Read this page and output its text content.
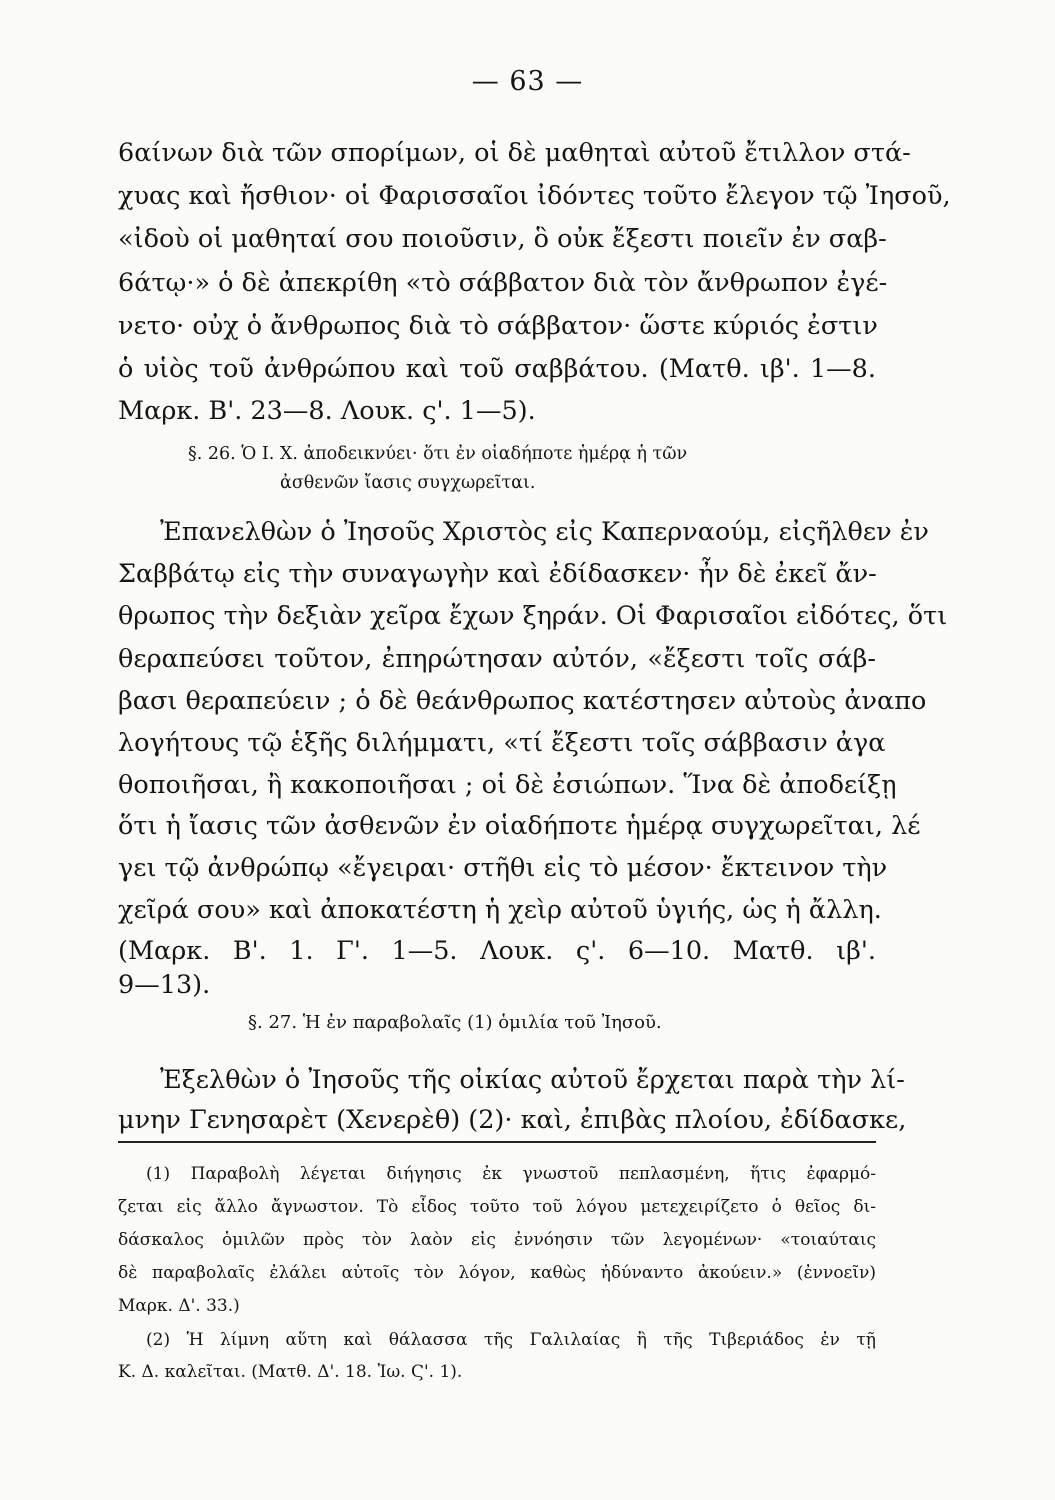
— 63 —
6αίνων διὰ τῶν σπορίμων, οἱ δὲ μαθηταὶ αὐτοῦ ἔτιλλον στά-
χυας καὶ ἤσθιον· οἱ Φαρισσαῖοι ἰδόντες τοῦτο ἔλεγον τῷ Ἰησοῦ,
«ἰδοὺ οἱ μαθηταί σου ποιοῦσιν, ὃ οὐκ ἔξεστι ποιεῖν ἐν σαβ-
6άτῳ·» ὁ δὲ ἀπεκρίθη «τὸ σάββατον διὰ τὸν ἄνθρωπον ἐγέ-
νετο· οὐχ ὁ ἄνθρωπος διὰ τὸ σάββατον· ὥστε κύριός ἐστιν
ὁ υἱὸς τοῦ ἀνθρώπου καὶ τοῦ σαββάτου. (Ματθ. ιβ'. 1—8.
Μαρκ. Β'. 23—8. Λουκ. ς'. 1—5).
§. 26. Ὁ Ι. Χ. ἀποδεικνύει· ὅτι ἐν οἱαδήποτε ἡμέρᾳ ἡ τῶν
ἀσθενῶν ἴασις συγχωρεῖται.
Ἐπανελθὼν ὁ Ἰησοῦς Χριστὸς εἰς Καπερναούμ, εἰςῆλθεν ἐν
Σαββάτῳ εἰς τὴν συναγωγὴν καὶ ἐδίδασκεν· ἦν δὲ ἐκεῖ ἄν-
θρωπος τὴν δεξιὰν χεῖρα ἔχων ξηράν. Οἱ Φαρισαῖοι εἰδότες, ὅτι
θεραπεύσει τοῦτον, ἐπηρώτησαν αὐτόν, «ἔξεστι τοῖς σάβ-
βασι θεραπεύειν ; ὁ δὲ θεάνθρωπος κατέστησεν αὐτοὺς ἀναπο
λογήτους τῷ ἑξῆς διλήμματι, «τί ἔξεστι τοῖς σάββασιν ἀγα
θοποιῆσαι, ἢ κακοποιῆσαι ; οἱ δὲ ἐσιώπων. Ἵνα δὲ ἀποδείξῃ
ὅτι ἡ ἴασις τῶν ἀσθενῶν ἐν οἱαδήποτε ἡμέρᾳ συγχωρεῖται, λέ
γει τῷ ἀνθρώπῳ «ἔγειραι· στῆθι εἰς τὸ μέσον· ἔκτεινον τὴν
χεῖρά σου» καὶ ἀποκατέστη ἡ χεὶρ αὐτοῦ ὑγιής, ὡς ἡ ἄλλη.
(Μαρκ. Β'. 1. Γ'. 1—5. Λουκ. ς'. 6—10. Ματθ. ιβ'.
9—13).
§. 27. Ἡ ἐν παραβολαῖς (1) ὁμιλία τοῦ Ἰησοῦ.
Ἐξελθὼν ὁ Ἰησοῦς τῆς οἰκίας αὐτοῦ ἔρχεται παρὰ τὴν λί-
μνην Γενησαρὲτ (Χενερὲθ) (2)· καὶ, ἐπιβὰς πλοίου, ἐδίδασκε,
(1) Παραβολὴ λέγεται διήγησις ἐκ γνωστοῦ πεπλασμένη, ἥτις ἐφαρμό-
ζεται εἰς ἄλλο ἄγνωστον. Τὸ εἶδος τοῦτο τοῦ λόγου μετεχειρίζετο ὁ θεῖος δι-
δάσκαλος ὁμιλῶν πρὸς τὸν λαὸν εἰς ἐννόησιν τῶν λεγομένων· «τοιαύταις
δὲ παραβολαῖς ἐλάλει αὐτοῖς τὸν λόγον, καθὼς ἠδύναντο ἀκούειν.» (ἐννοεῖν)
Μαρκ. Δ'. 33.)
(2) Ἡ λίμνη αὕτη καὶ θάλασσα τῆς Γαλιλαίας ἢ τῆς Τιβεριάδος ἐν τῇ
Κ. Δ. καλεῖται. (Ματθ. Δ'. 18. Ἰω. Ϛ'. 1).
